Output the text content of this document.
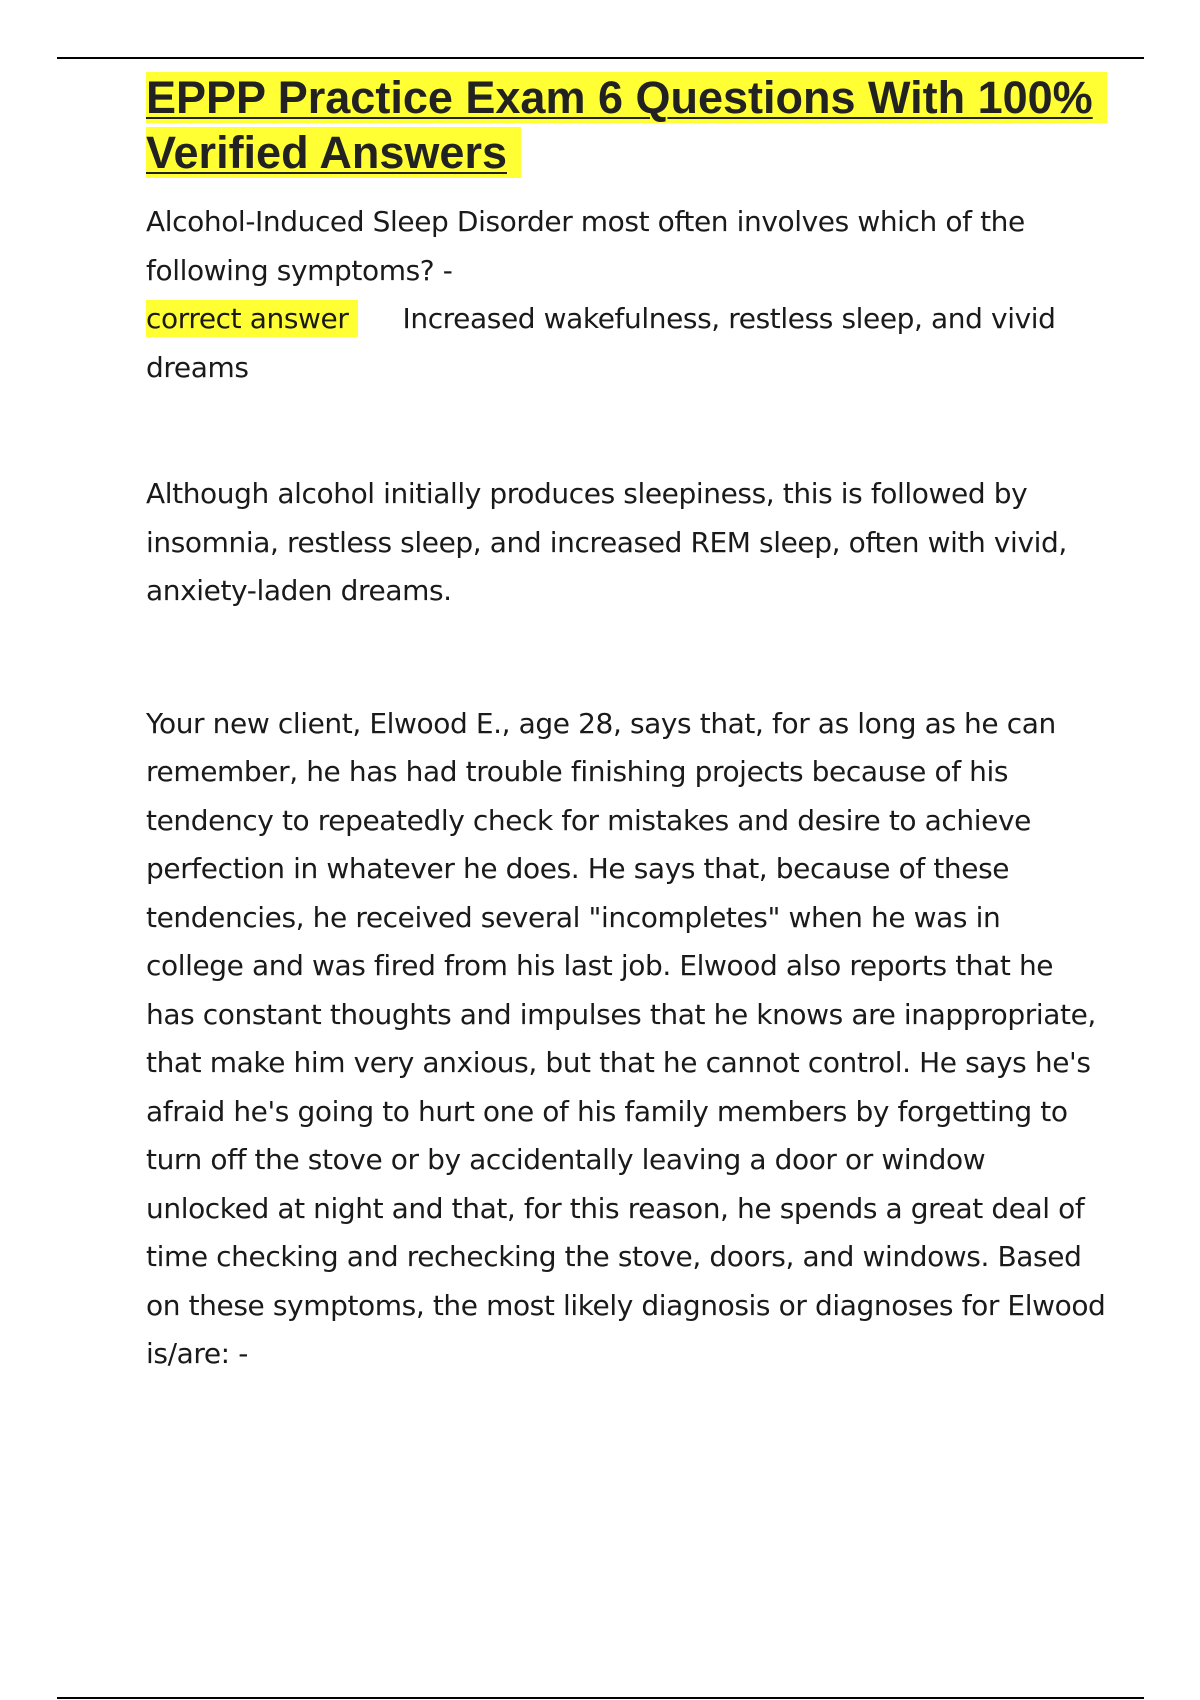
EPPP Practice Exam 6 Questions With 100% Verified Answers

Alcohol-Induced Sleep Disorder most often involves which of the following symptoms? -

correct answer Increased wakefulness, restless sleep, and vivid dreams

Although alcohol initially produces sleepiness, this is followed by insomnia, restless sleep, and increased REM sleep, often with vivid, anxiety-laden dreams.

Your new client, Elwood E., age 28, says that, for as long as he can remember, he has had trouble finishing projects because of his tendency to repeatedly check for mistakes and desire to achieve perfection in whatever he does. He says that, because of these tendencies, he received several "incompletes" when he was in college and was fired from his last job. Elwood also reports that he has constant thoughts and impulses that he knows are inappropriate, that make him very anxious, but that he cannot control. He says he's afraid he's going to hurt one of his family members by forgetting to turn off the stove or by accidentally leaving a door or window unlocked at night and that, for this reason, he spends a great deal of time checking and rechecking the stove, doors, and windows. Based on these symptoms, the most likely diagnosis or diagnoses for Elwood is/are: -
